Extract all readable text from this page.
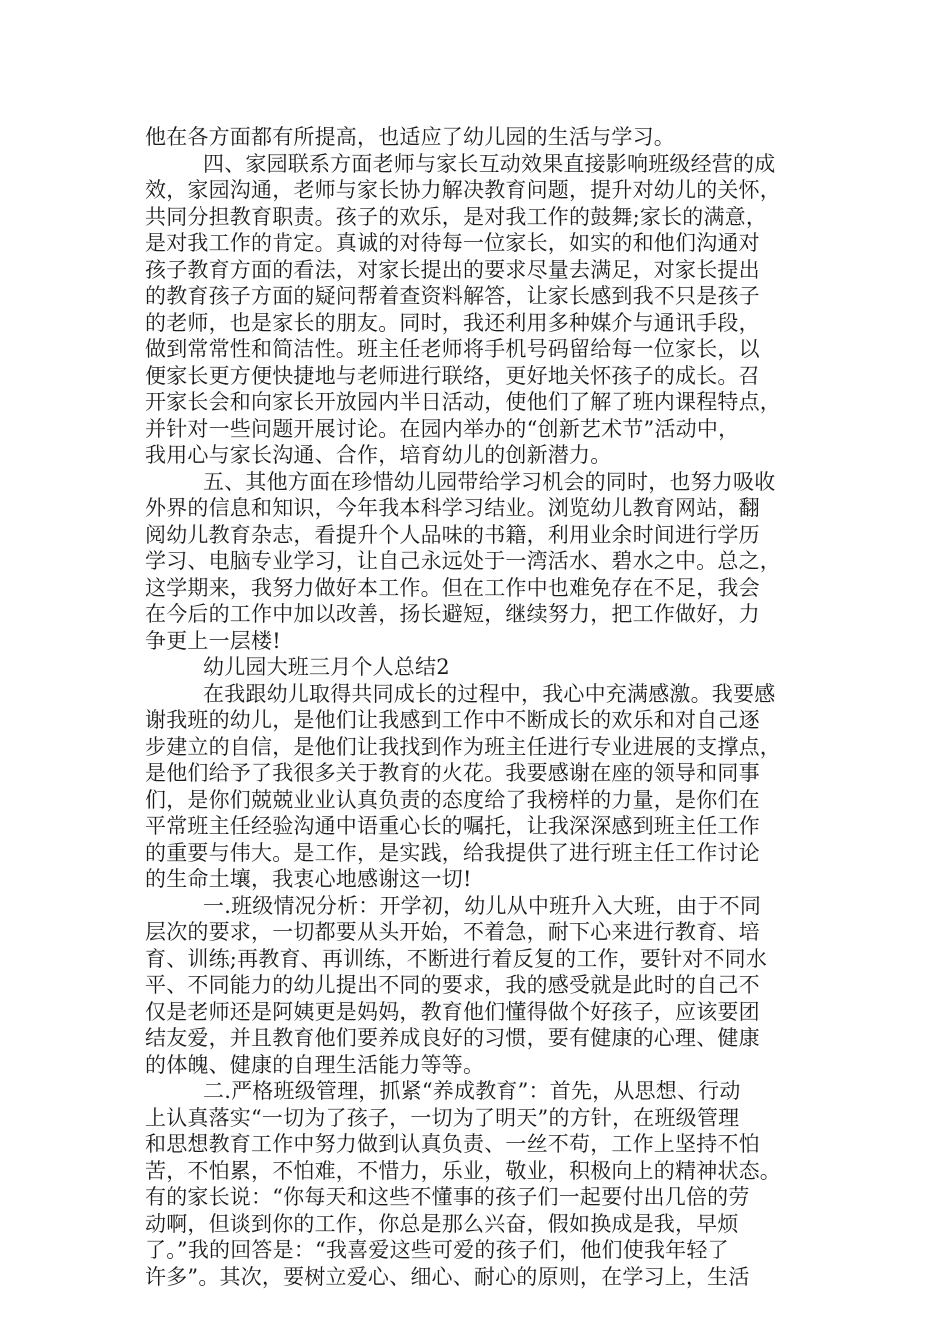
他在各方面都有所提高，也适应了幼儿园的生活与学习。
四、家园联系方面老师与家长互动效果直接影响班级经营的成
效，家园沟通，老师与家长协力解决教育问题，提升对幼儿的关怀，
共同分担教育职责。孩子的欢乐，是对我工作的鼓舞;家长的满意，
是对我工作的肯定。真诚的对待每一位家长，如实的和他们沟通对
孩子教育方面的看法，对家长提出的要求尽量去满足，对家长提出
的教育孩子方面的疑问帮着查资料解答，让家长感到我不只是孩子
的老师，也是家长的朋友。同时，我还利用多种媒介与通讯手段，
做到常常性和简洁性。班主任老师将手机号码留给每一位家长，以
便家长更方便快捷地与老师进行联络，更好地关怀孩子的成长。召
开家长会和向家长开放园内半日活动，使他们了解了班内课程特点，
并针对一些问题开展讨论。在园内举办的“创新艺术节”活动中，
我用心与家长沟通、合作，培育幼儿的创新潜力。
五、其他方面在珍惜幼儿园带给学习机会的同时，也努力吸收
外界的信息和知识，今年我本科学习结业。浏览幼儿教育网站，翻
阅幼儿教育杂志，看提升个人品味的书籍，利用业余时间进行学历
学习、电脑专业学习，让自己永远处于一湾活水、碧水之中。总之，
这学期来，我努力做好本工作。但在工作中也难免存在不足，我会
在今后的工作中加以改善，扬长避短，继续努力，把工作做好，力
争更上一层楼!
幼儿园大班三月个人总结2
在我跟幼儿取得共同成长的过程中，我心中充满感激。我要感
谢我班的幼儿，是他们让我感到工作中不断成长的欢乐和对自己逐
步建立的自信，是他们让我找到作为班主任进行专业进展的支撑点，
是他们给予了我很多关于教育的火花。我要感谢在座的领导和同事
们，是你们兢兢业业认真负责的态度给了我榜样的力量，是你们在
平常班主任经验沟通中语重心长的嘱托，让我深深感到班主任工作
的重要与伟大。是工作，是实践，给我提供了进行班主任工作讨论
的生命土壤，我衷心地感谢这一切!
一.班级情况分析：开学初，幼儿从中班升入大班，由于不同
层次的要求，一切都要从头开始，不着急，耐下心来进行教育、培
育、训练;再教育、再训练，不断进行着反复的工作，要针对不同水
平、不同能力的幼儿提出不同的要求，我的感受就是此时的自己不
仅是老师还是阿姨更是妈妈，教育他们懂得做个好孩子，应该要团
结友爱，并且教育他们要养成良好的习惯，要有健康的心理、健康
的体魄、健康的自理生活能力等等。
二.严格班级管理，抓紧“养成教育”：首先，从思想、行动
上认真落实“一切为了孩子，一切为了明天”的方针，在班级管理
和思想教育工作中努力做到认真负责、一丝不苟，工作上坚持不怕
苦，不怕累，不怕难，不惜力，乐业，敬业，积极向上的精神状态。
有的家长说：“你每天和这些不懂事的孩子们一起要付出几倍的劳
动啊，但谈到你的工作，你总是那么兴奋，假如换成是我，早烦
了。”我的回答是：“我喜爱这些可爱的孩子们，他们使我年轻了
许多”。其次，要树立爱心、细心、耐心的原则，在学习上，生活
